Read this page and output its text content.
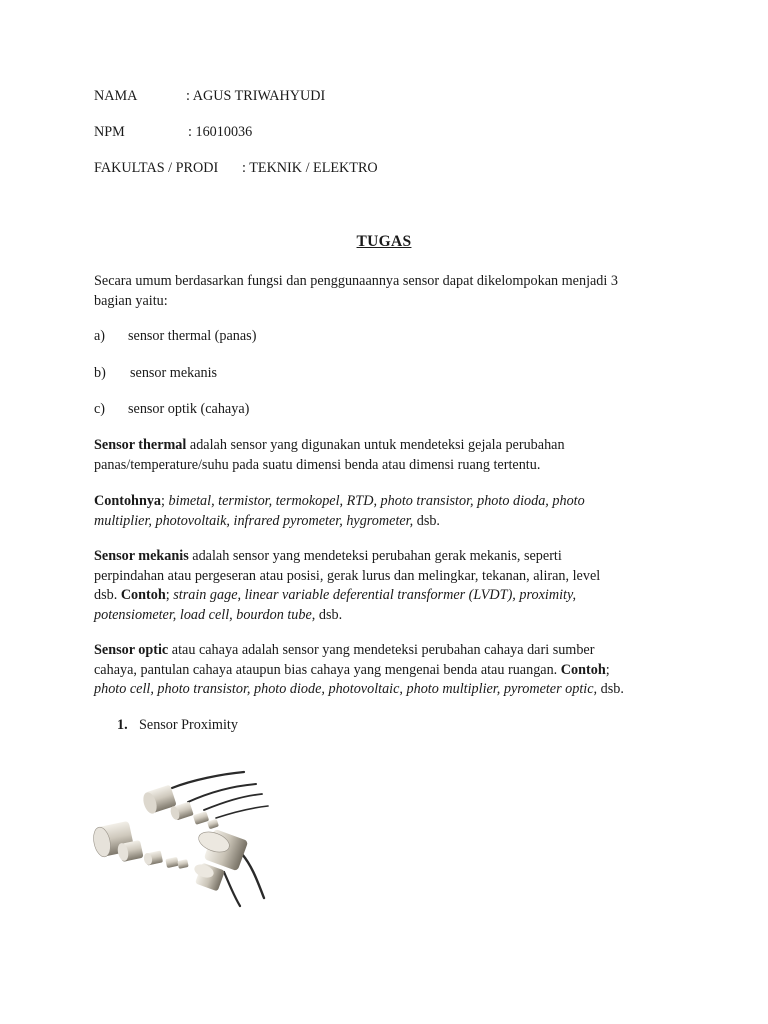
NAMA	: AGUS TRIWAHYUDI
NPM	: 16010036
FAKULTAS / PRODI : TEKNIK / ELEKTRO
TUGAS
Secara umum berdasarkan fungsi dan penggunaannya sensor dapat dikelompokan menjadi 3
bagian yaitu:
a) sensor thermal (panas)
b) sensor mekanis
c) sensor optik (cahaya)
Sensor thermal adalah sensor yang digunakan untuk mendeteksi gejala perubahan
panas/temperature/suhu pada suatu dimensi benda atau dimensi ruang tertentu.
Contohnya; bimetal, termistor, termokopel, RTD, photo transistor, photo dioda, photo
multiplier, photovoltaik, infrared pyrometer, hygrometer, dsb.
Sensor mekanis adalah sensor yang mendeteksi perubahan gerak mekanis, seperti
perpindahan atau pergeseran atau posisi, gerak lurus dan melingkar, tekanan, aliran, level
dsb. Contoh; strain gage, linear variable deferential transformer (LVDT), proximity,
potensiometer, load cell, bourdon tube, dsb.
Sensor optic atau cahaya adalah sensor yang mendeteksi perubahan cahaya dari sumber
cahaya, pantulan cahaya ataupun bias cahaya yang mengenai benda atau ruangan. Contoh;
photo cell, photo transistor, photo diode, photovoltaic, photo multiplier, pyrometer optic, dsb.
1. Sensor Proximity
